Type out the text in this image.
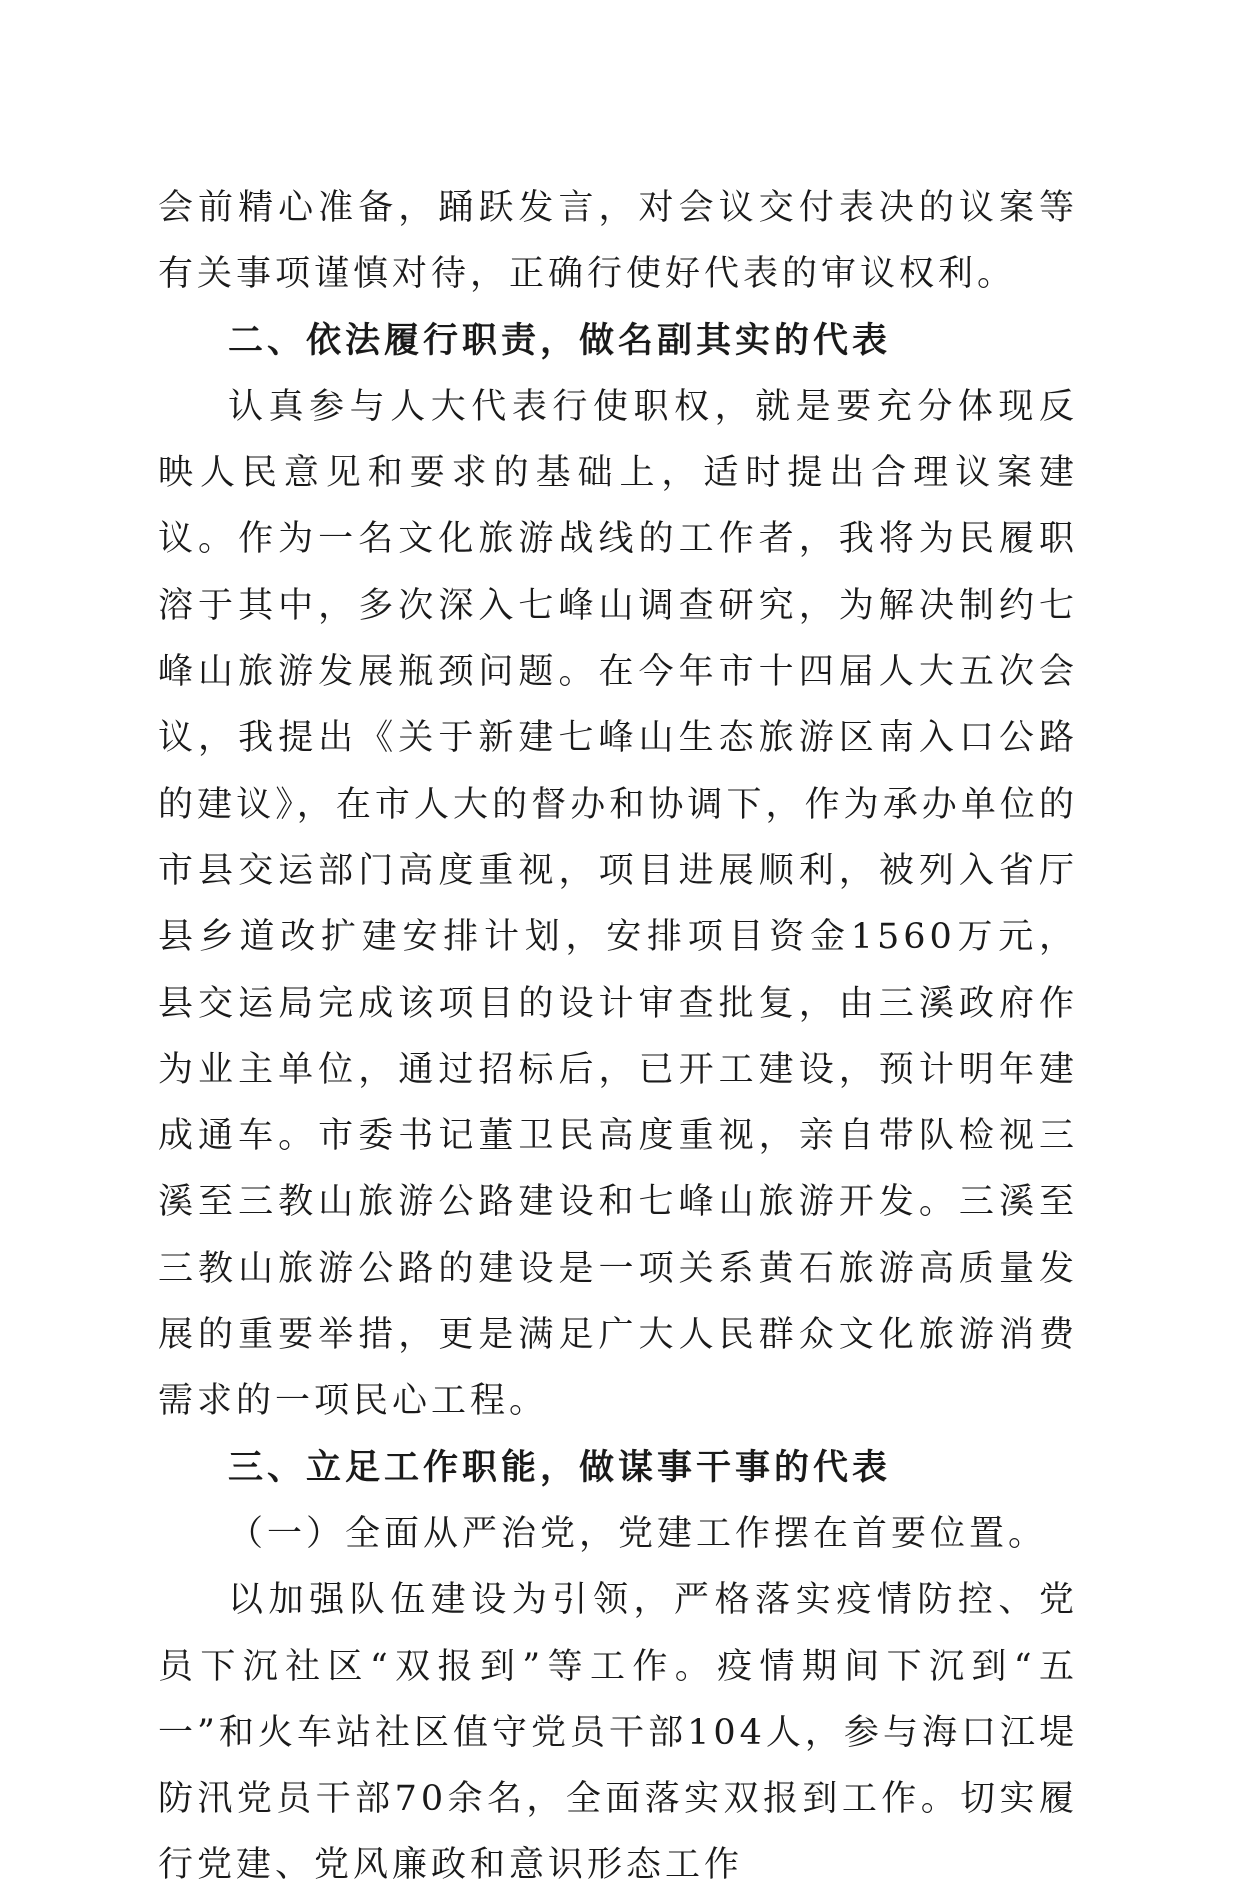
会前精心准备，踊跃发言，对会议交付表决的议案等有关事项谨慎对待，正确行使好代表的审议权利。

二、依法履行职责，做名副其实的代表

认真参与人大代表行使职权，就是要充分体现反映人民意见和要求的基础上，适时提出合理议案建议。作为一名文化旅游战线的工作者，我将为民履职溶于其中，多次深入七峰山调查研究，为解决制约七峰山旅游发展瓶颈问题。在今年市十四届人大五次会议，我提出《关于新建七峰山生态旅游区南入口公路的建议》，在市人大的督办和协调下，作为承办单位的市县交运部门高度重视，项目进展顺利，被列入省厅县乡道改扩建安排计划，安排项目资金1560万元，县交运局完成该项目的设计审查批复，由三溪政府作为业主单位，通过招标后，已开工建设，预计明年建成通车。市委书记董卫民高度重视，亲自带队检视三溪至三教山旅游公路建设和七峰山旅游开发。三溪至三教山旅游公路的建设是一项关系黄石旅游高质量发展的重要举措，更是满足广大人民群众文化旅游消费需求的一项民心工程。

三、立足工作职能，做谋事干事的代表

（一）全面从严治党，党建工作摆在首要位置。

以加强队伍建设为引领，严格落实疫情防控、党员下沉社区“双报到”等工作。疫情期间下沉到“五一”和火车站社区值守党员干部104人，参与海口江堤防汛党员干部70余名，全面落实双报到工作。切实履行党建、党风廉政和意识形态工作
